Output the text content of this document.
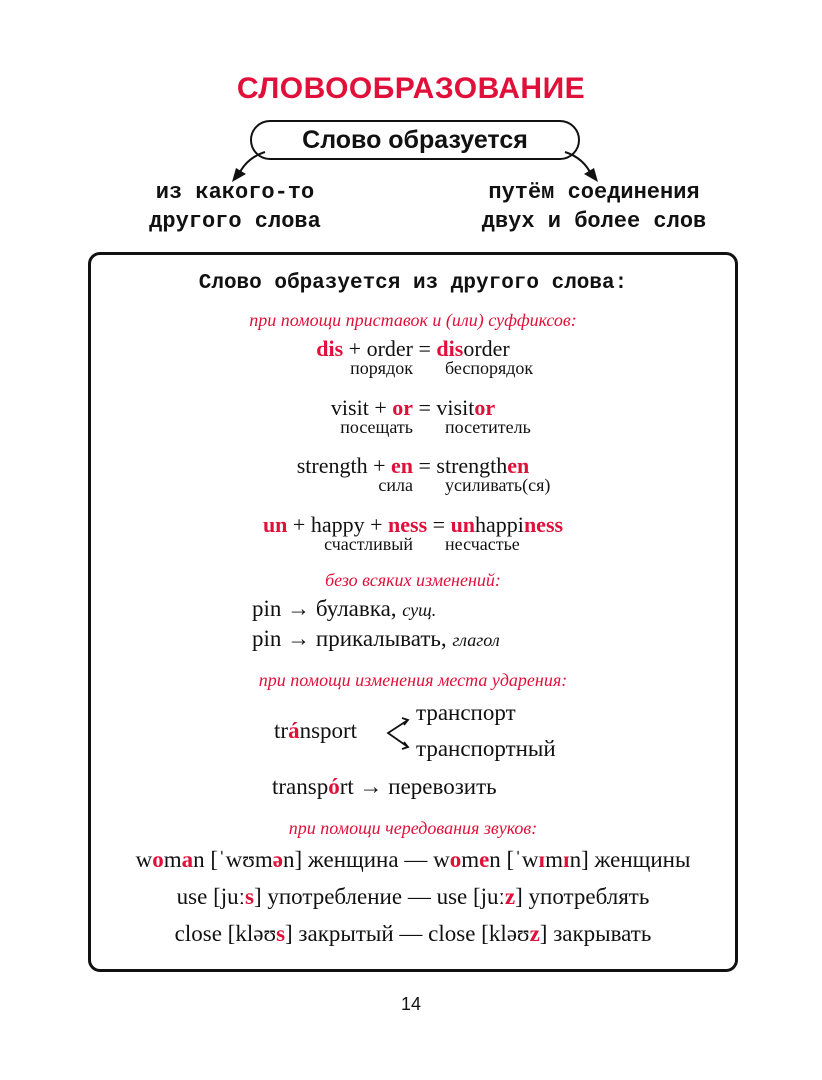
СЛОВООБРАЗОВАНИЕ
Слово образуется
из какого-то
другого слова
путём соединения
двух и более слов
Слово образуется из другого слова:
при помощи приставок и (или) суффиксов:
dis + order = disorder
порядок беспорядок
visit + or = visitor
посещать посетитель
strength + en = strengthen
сила усиливать(ся)
un + happy + ness = unhappiness
счастливый несчастье
безо всяких изменений:
pin → булавка, сущ.
pin → прикалывать, глагол
при помощи изменения места ударения:
tránsport
транспорт
транспортный
transpórt → перевозить
при помощи чередования звуков:
woman [ˈwʊmən] женщина — women [ˈwɪmɪn] женщины
use [juːs] употребление — use [juːz] употреблять
close [kləʊs] закрытый — close [kləʊz] закрывать
14
